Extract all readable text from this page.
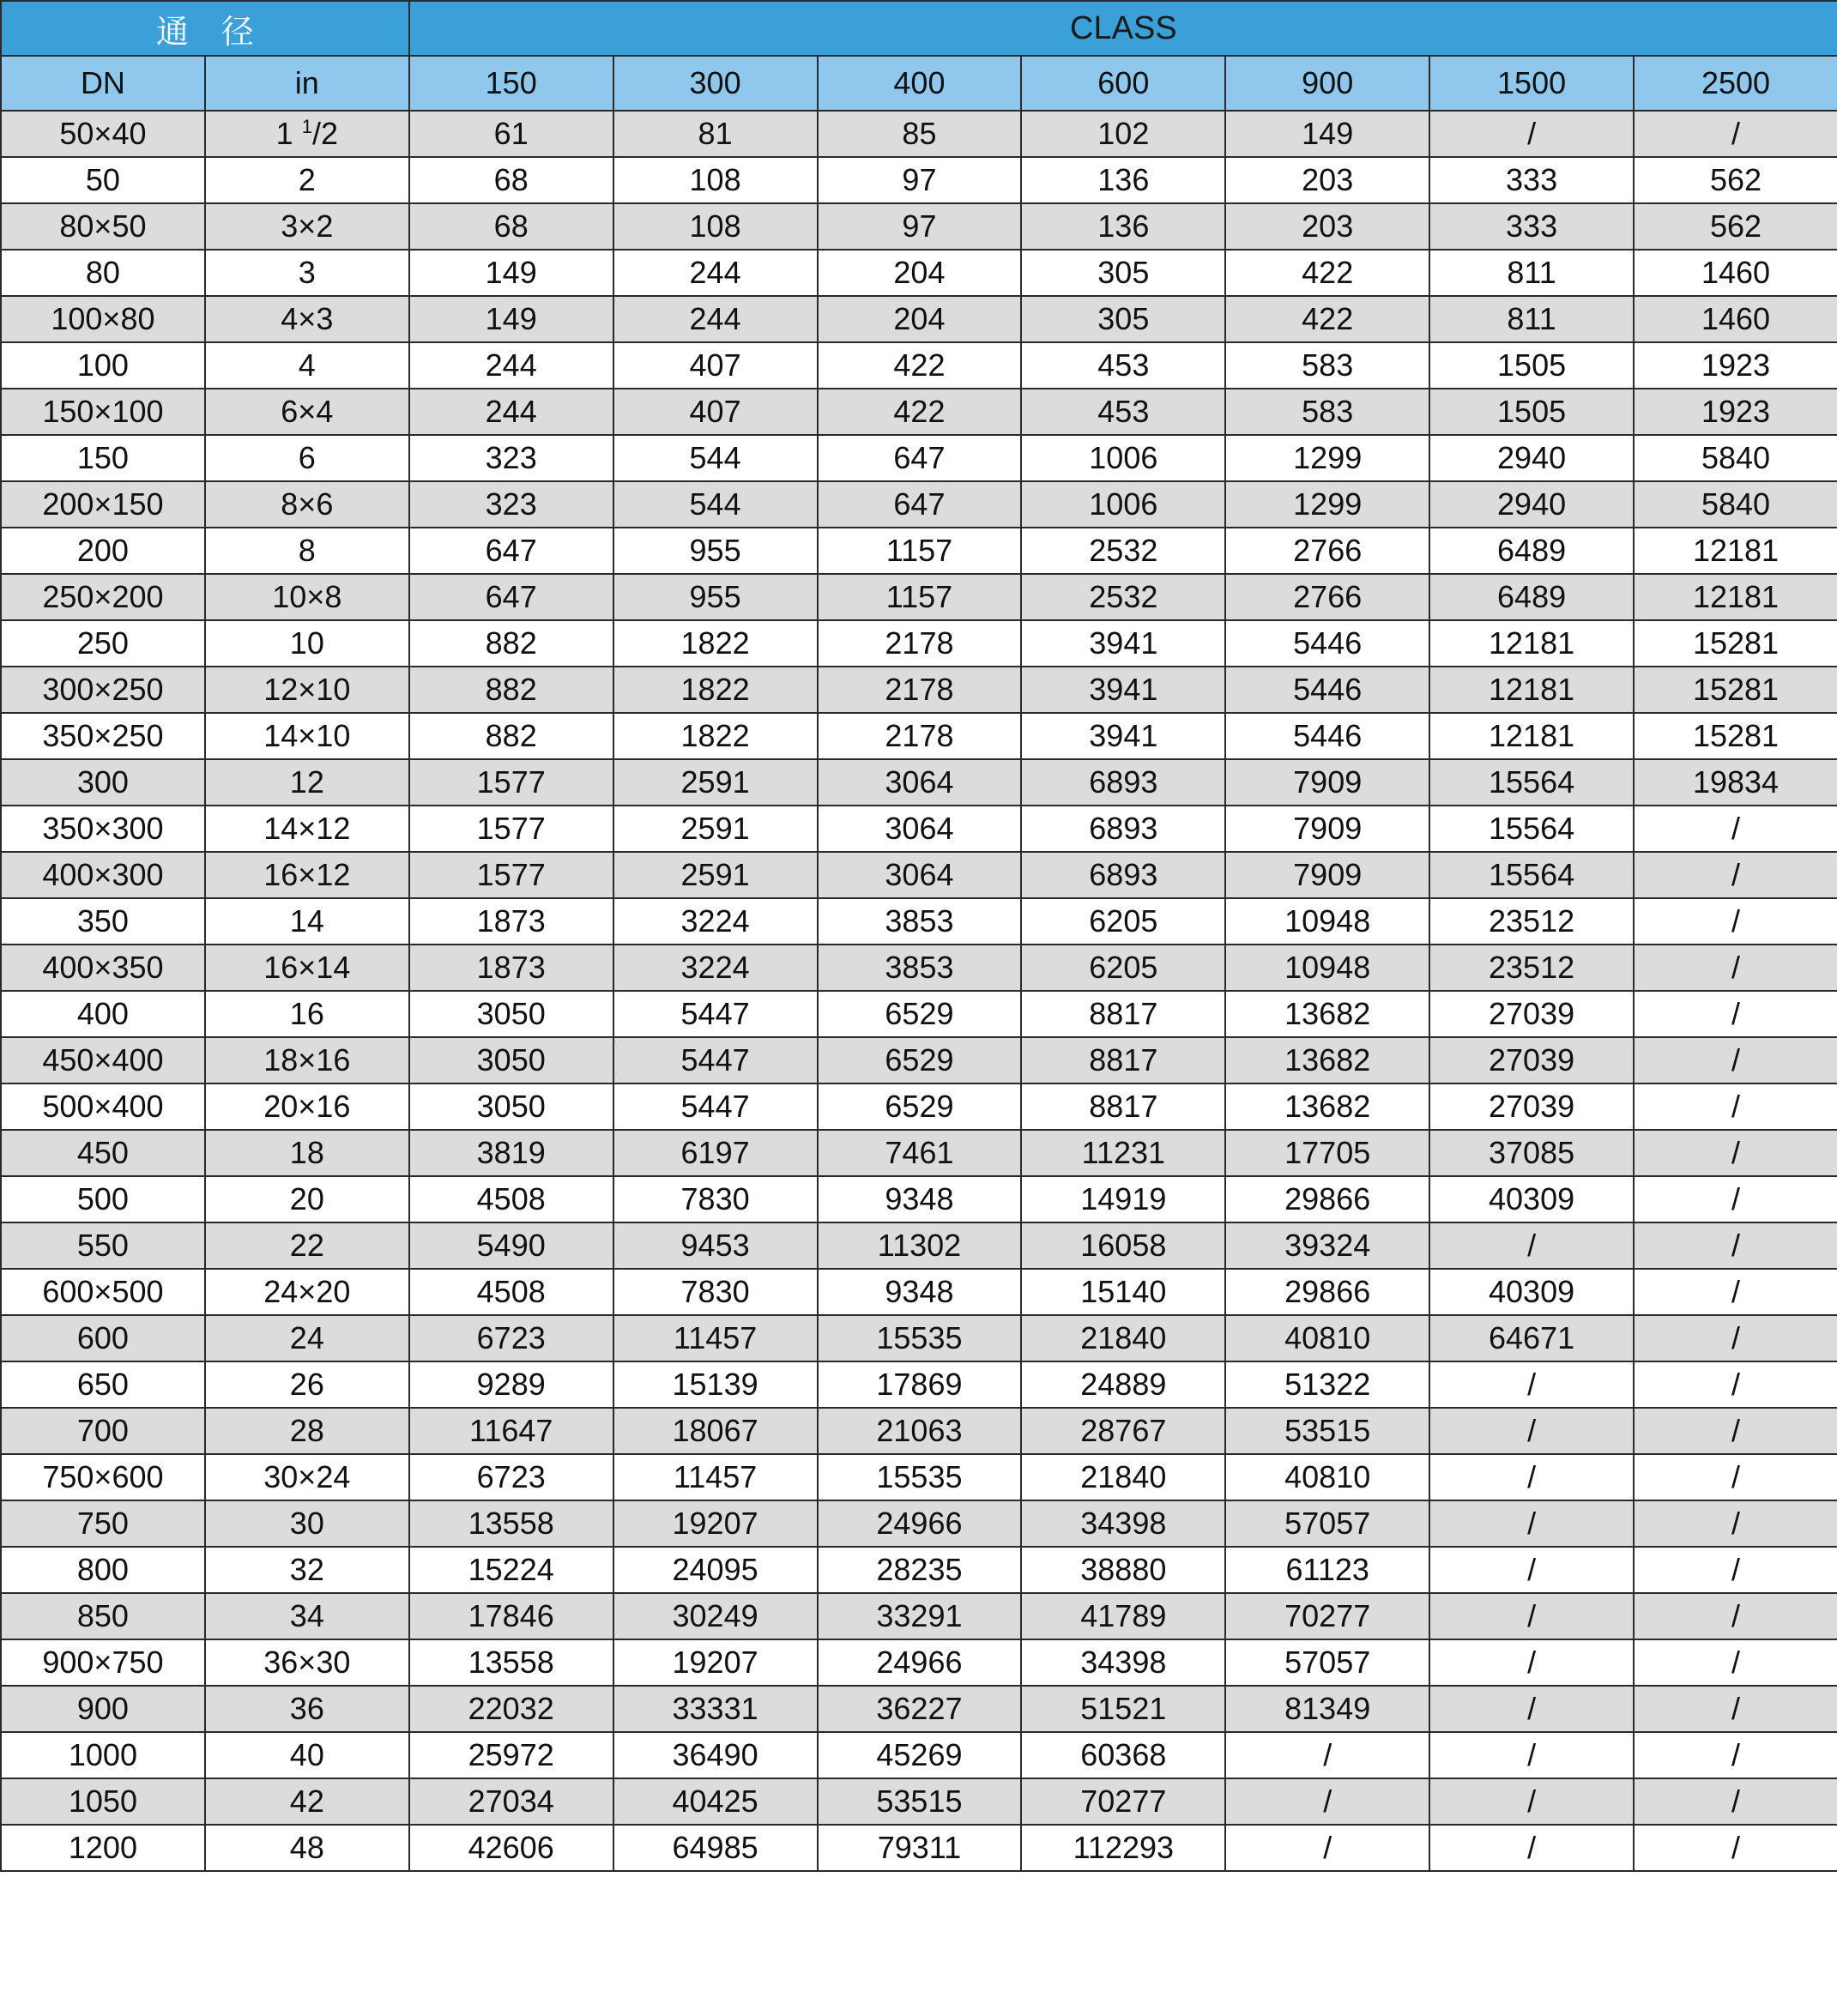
通　径		CLASS						
DN	in	150	300	400	600	900	1500	2500
50×40	1 $^1$/2	61	81	85	102	149	/	/
50	2	68	108	97	136	203	333	562
80×50	3×2	68	108	97	136	203	333	562
80	3	149	244	204	305	422	811	1460
100×80	4×3	149	244	204	305	422	811	1460
100	4	244	407	422	453	583	1505	1923
150×100	6×4	244	407	422	453	583	1505	1923
150	6	323	544	647	1006	1299	2940	5840
200×150	8×6	323	544	647	1006	1299	2940	5840
200	8	647	955	1157	2532	2766	6489	12181
250×200	10×8	647	955	1157	2532	2766	6489	12181
250	10	882	1822	2178	3941	5446	12181	15281
300×250	12×10	882	1822	2178	3941	5446	12181	15281
350×250	14×10	882	1822	2178	3941	5446	12181	15281
300	12	1577	2591	3064	6893	7909	15564	19834
350×300	14×12	1577	2591	3064	6893	7909	15564	/
400×300	16×12	1577	2591	3064	6893	7909	15564	/
350	14	1873	3224	3853	6205	10948	23512	/
400×350	16×14	1873	3224	3853	6205	10948	23512	/
400	16	3050	5447	6529	8817	13682	27039	/
450×400	18×16	3050	5447	6529	8817	13682	27039	/
500×400	20×16	3050	5447	6529	8817	13682	27039	/
450	18	3819	6197	7461	11231	17705	37085	/
500	20	4508	7830	9348	14919	29866	40309	/
550	22	5490	9453	11302	16058	39324	/	/
600×500	24×20	4508	7830	9348	15140	29866	40309	/
600	24	6723	11457	15535	21840	40810	64671	/
650	26	9289	15139	17869	24889	51322	/	/
700	28	11647	18067	21063	28767	53515	/	/
750×600	30×24	6723	11457	15535	21840	40810	/	/
750	30	13558	19207	24966	34398	57057	/	/
800	32	15224	24095	28235	38880	61123	/	/
850	34	17846	30249	33291	41789	70277	/	/
900×750	36×30	13558	19207	24966	34398	57057	/	/
900	36	22032	33331	36227	51521	81349	/	/
1000	40	25972	36490	45269	60368	/	/	/
1050	42	27034	40425	53515	70277	/	/	/
1200	48	42606	64985	79311	112293	/	/	/
